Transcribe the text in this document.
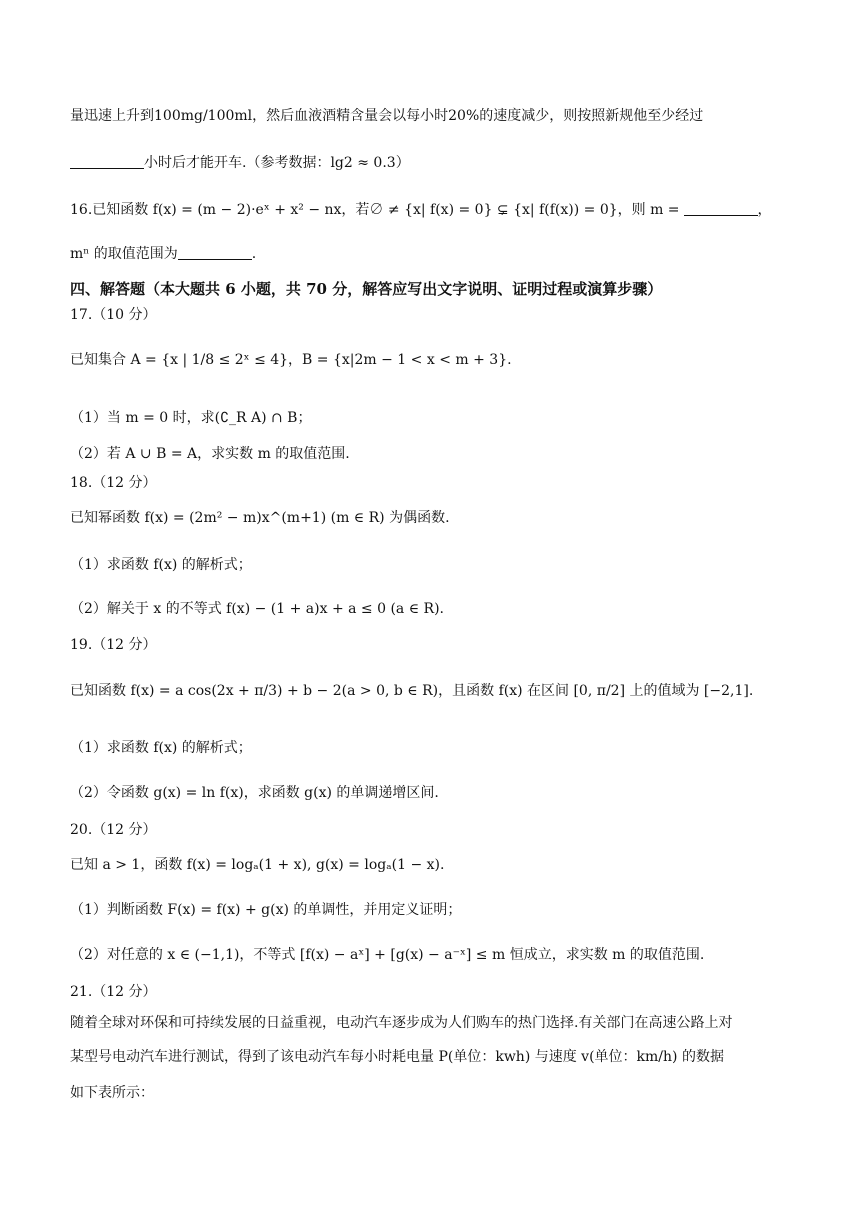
量迅速上升到100mg/100ml，然后血液酒精含量会以每小时20%的速度减少，则按照新规他至少经过
小时后才能开车.（参考数据：lg2 ≈ 0.3）
16.已知函数 f(x) = (m − 2)·eˣ + x² − nx，若∅ ≠ {x| f(x) = 0} ⊊ {x| f(f(x)) = 0}，则 m =	，
mⁿ 的取值范围为	.
四、解答题（本大题共 6 小题，共 70 分，解答应写出文字说明、证明过程或演算步骤）
17.（10 分）
已知集合 A = {x | 1/8 ≤ 2ˣ ≤ 4}，B = {x|2m − 1 < x < m + 3}.
（1）当 m = 0 时，求(∁_R A) ∩ B；
（2）若 A ∪ B = A，求实数 m 的取值范围.
18.（12 分）
已知幂函数 f(x) = (2m² − m)x^(m+1) (m ∈ R) 为偶函数.
（1）求函数 f(x) 的解析式；
（2）解关于 x 的不等式 f(x) − (1 + a)x + a ≤ 0 (a ∈ R).
19.（12 分）
已知函数 f(x) = a cos(2x + π/3) + b − 2(a > 0, b ∈ R)，且函数 f(x) 在区间 [0, π/2] 上的值域为 [−2,1].
（1）求函数 f(x) 的解析式；
（2）令函数 g(x) = ln f(x)，求函数 g(x) 的单调递增区间.
20.（12 分）
已知 a > 1，函数 f(x) = logₐ(1 + x), g(x) = logₐ(1 − x).
（1）判断函数 F(x) = f(x) + g(x) 的单调性，并用定义证明；
（2）对任意的 x ∈ (−1,1)，不等式 [f(x) − aˣ] + [g(x) − a⁻ˣ] ≤ m 恒成立，求实数 m 的取值范围.
21.（12 分）
随着全球对环保和可持续发展的日益重视，电动汽车逐步成为人们购车的热门选择.有关部门在高速公路上对
某型号电动汽车进行测试，得到了该电动汽车每小时耗电量 P(单位：kwh) 与速度 v(单位：km/h) 的数据
如下表所示：
